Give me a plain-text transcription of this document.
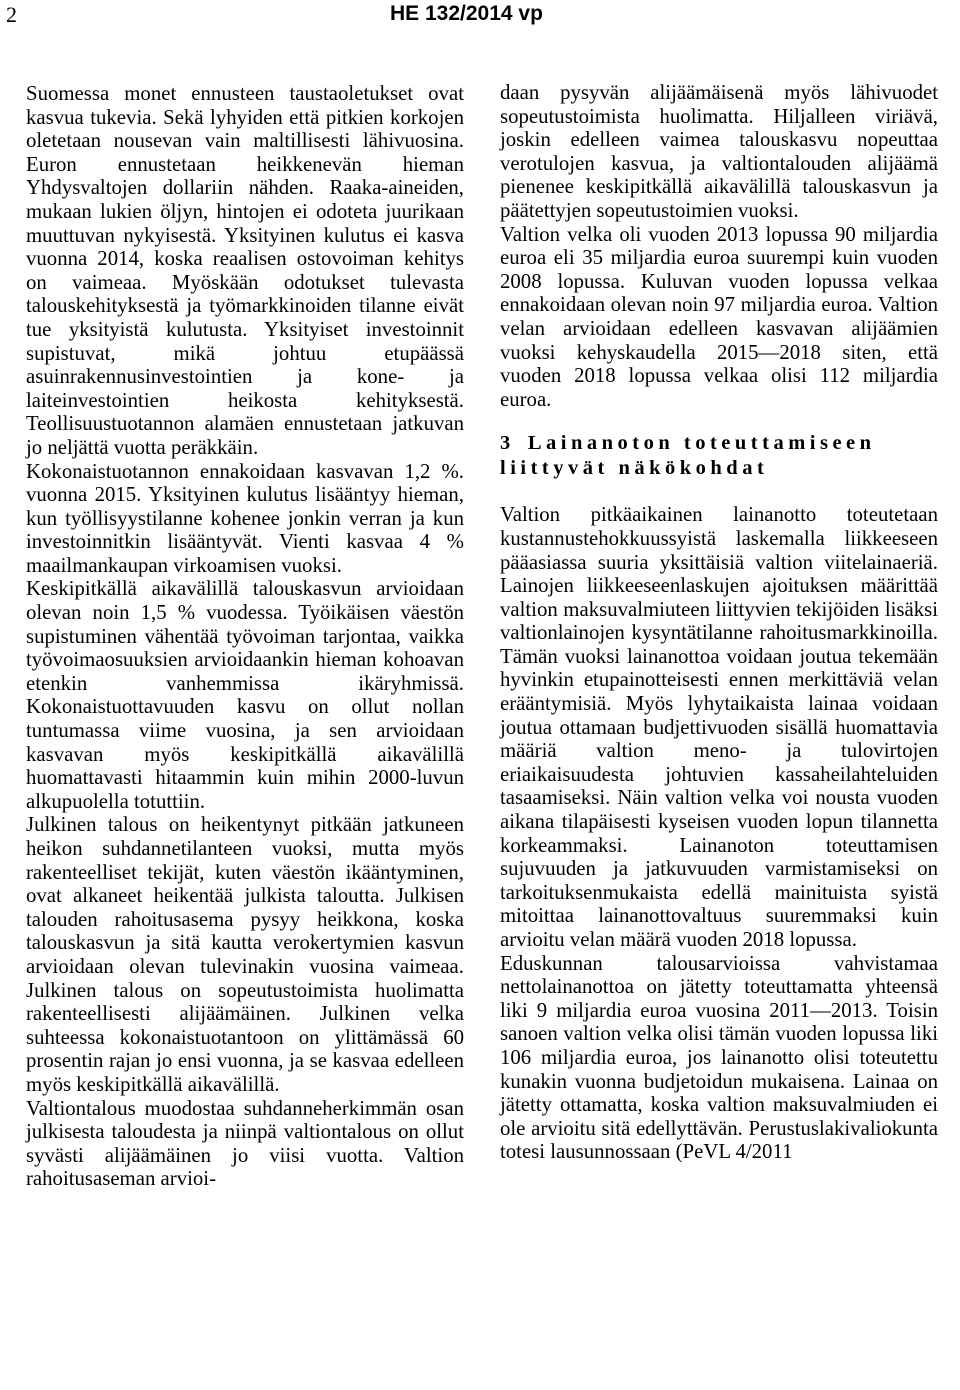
2	HE 132/2014 vp

Suomessa monet ennusteen taustaoletukset ovat kasvua tukevia. Sekä lyhyiden että pitkien korkojen oletetaan nousevan vain maltillisesti lähivuosina. Euron ennustetaan heikkenevän hieman Yhdysvaltojen dollariin nähden. Raaka-aineiden, mukaan lukien öljyn, hintojen ei odoteta juurikaan muuttuvan nykyisestä. Yksityinen kulutus ei kasva vuonna 2014, koska reaalisen ostovoiman kehitys on vaimeaa. Myöskään odotukset tulevasta talouskehityksestä ja työmarkkinoiden tilanne eivät tue yksityistä kulutusta. Yksityiset investoinnit supistuvat, mikä johtuu etupäässä asuinrakennusinvestointien ja kone- ja laiteinvestointien heikosta kehityksestä. Teollisuustuotannon alamäen ennustetaan jatkuvan jo neljättä vuotta peräkkäin.

Kokonaistuotannon ennakoidaan kasvavan 1,2 %. vuonna 2015. Yksityinen kulutus lisääntyy hieman, kun työllisyystilanne kohenee jonkin verran ja kun investoinnitkin lisääntyvät. Vienti kasvaa 4 % maailmankaupan virkoamisen vuoksi.

Keskipitkällä aikavälillä talouskasvun arvioidaan olevan noin 1,5 % vuodessa. Työikäisen väestön supistuminen vähentää työvoiman tarjontaa, vaikka työvoimaosuuksien arvioidaankin hieman kohoavan etenkin vanhemmissa ikäryhmissä. Kokonaistuottavuuden kasvu on ollut nollan tuntumassa viime vuosina, ja sen arvioidaan kasvavan myös keskipitkällä aikavälillä huomattavasti hitaammin kuin mihin 2000-luvun alkupuolella totuttiin.

Julkinen talous on heikentynyt pitkään jatkuneen heikon suhdannetilanteen vuoksi, mutta myös rakenteelliset tekijät, kuten väestön ikääntyminen, ovat alkaneet heikentää julkista taloutta. Julkisen talouden rahoitusasema pysyy heikkona, koska talouskasvun ja sitä kautta verokertymien kasvun arvioidaan olevan tulevinakin vuosina vaimeaa. Julkinen talous on sopeutustoimista huolimatta rakenteellisesti alijäämäinen. Julkinen velka suhteessa kokonaistuotantoon on ylittämässä 60 prosentin rajan jo ensi vuonna, ja se kasvaa edelleen myös keskipitkällä aikavälillä.

Valtiontalous muodostaa suhdanneherkimmän osan julkisesta taloudesta ja niinpä valtiontalous on ollut syvästi alijäämäinen jo viisi vuotta. Valtion rahoitusaseman arvioi-

daan pysyvän alijäämäisenä myös lähivuodet sopeutustoimista huolimatta. Hiljalleen viriävä, joskin edelleen vaimea talouskasvu nopeuttaa verotulojen kasvua, ja valtiontalouden alijäämä pienenee keskipitkällä aikavälillä talouskasvun ja päätettyjen sopeutustoimien vuoksi.

Valtion velka oli vuoden 2013 lopussa 90 miljardia euroa eli 35 miljardia euroa suurempi kuin vuoden 2008 lopussa. Kuluvan vuoden lopussa velkaa ennakoidaan olevan noin 97 miljardia euroa. Valtion velan arvioidaan edelleen kasvavan alijäämien vuoksi kehyskaudella 2015—2018 siten, että vuoden 2018 lopussa velkaa olisi 112 miljardia euroa.

3 Lainanoton toteuttamiseen liittyvät näkökohdat

Valtion pitkäaikainen lainanotto toteutetaan kustannustehokkuussyistä laskemalla liikkeeseen pääasiassa suuria yksittäisiä valtion viitelainaeriä. Lainojen liikkeeseenlaskujen ajoituksen määrittää valtion maksuvalmiuteen liittyvien tekijöiden lisäksi valtionlainojen kysyntätilanne rahoitusmarkkinoilla. Tämän vuoksi lainanottoa voidaan joutua tekemään hyvinkin etupainotteisesti ennen merkittäviä velan erääntymisiä. Myös lyhytaikaista lainaa voidaan joutua ottamaan budjettivuoden sisällä huomattavia määriä valtion meno- ja tulovirtojen eriaikaisuudesta johtuvien kassaheilahteluiden tasaamiseksi. Näin valtion velka voi nousta vuoden aikana tilapäisesti kyseisen vuoden lopun tilannetta korkeammaksi. Lainanoton toteuttamisen sujuvuuden ja jatkuvuuden varmistamiseksi on tarkoituksenmukaista edellä mainituista syistä mitoittaa lainanottovaltuus suuremmaksi kuin arvioitu velan määrä vuoden 2018 lopussa.

Eduskunnan talousarvioissa vahvistamaa nettolainanottoa on jätetty toteuttamatta yhteensä liki 9 miljardia euroa vuosina 2011—2013. Toisin sanoen valtion velka olisi tämän vuoden lopussa liki 106 miljardia euroa, jos lainanotto olisi toteutettu kunakin vuonna budjetoidun mukaisena. Lainaa on jätetty ottamatta, koska valtion maksuvalmiuden ei ole arvioitu sitä edellyttävän. Perustuslakivaliokunta totesi lausunnossaan (PeVL 4/2011
